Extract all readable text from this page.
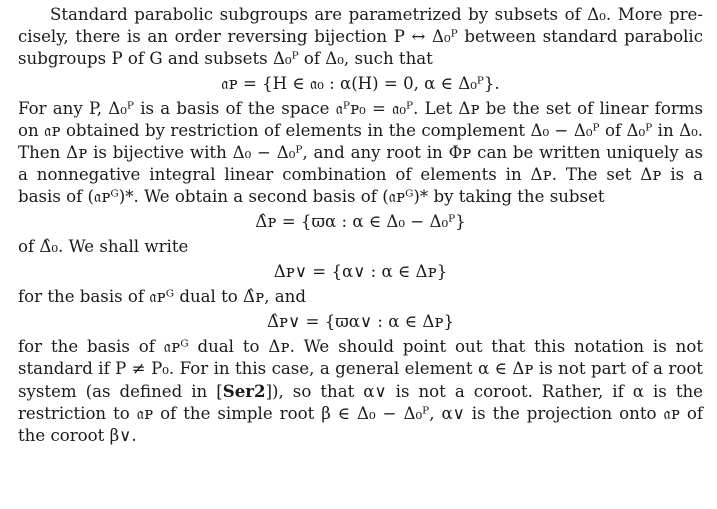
Standard parabolic subgroups are parametrized by subsets of Δ₀. More pre- cisely, there is an order reversing bijection P ↔ Δ₀ᴾ between standard parabolic subgroups P of G and subsets Δ₀ᴾ of Δ₀, such that

𝔞ᴘ = {H ∈ 𝔞₀ : α(H) = 0, α ∈ Δ₀ᴾ}.

For any P, Δ₀ᴾ is a basis of the space 𝔞ᴾᴘ₀ = 𝔞₀ᴾ. Let Δᴘ be the set of linear forms on 𝔞ᴘ obtained by restriction of elements in the complement Δ₀ − Δ₀ᴾ of Δ₀ᴾ in Δ₀. Then Δᴘ is bijective with Δ₀ − Δ₀ᴾ, and any root in Φᴘ can be written uniquely as a nonnegative integral linear combination of elements in Δᴘ. The set Δᴘ is a basis of (𝔞ᴘᴳ)*. We obtain a second basis of (𝔞ᴘᴳ)* by taking the subset

Δ̂ᴘ = {ϖα : α ∈ Δ₀ − Δ₀ᴾ}

of Δ̂₀. We shall write

Δᴘ∨ = {α∨ : α ∈ Δᴘ}

for the basis of 𝔞ᴘᴳ dual to Δ̂ᴘ, and

Δ̂ᴘ∨ = {ϖα∨ : α ∈ Δᴘ}

for the basis of 𝔞ᴘᴳ dual to Δᴘ. We should point out that this notation is not standard if P ≠ P₀. For in this case, a general element α ∈ Δᴘ is not part of a root system (as defined in [Ser2]), so that α∨ is not a coroot. Rather, if α is the restriction to 𝔞ᴘ of the simple root β ∈ Δ₀ − Δ₀ᴾ, α∨ is the projection onto 𝔞ᴘ of the coroot β∨.
